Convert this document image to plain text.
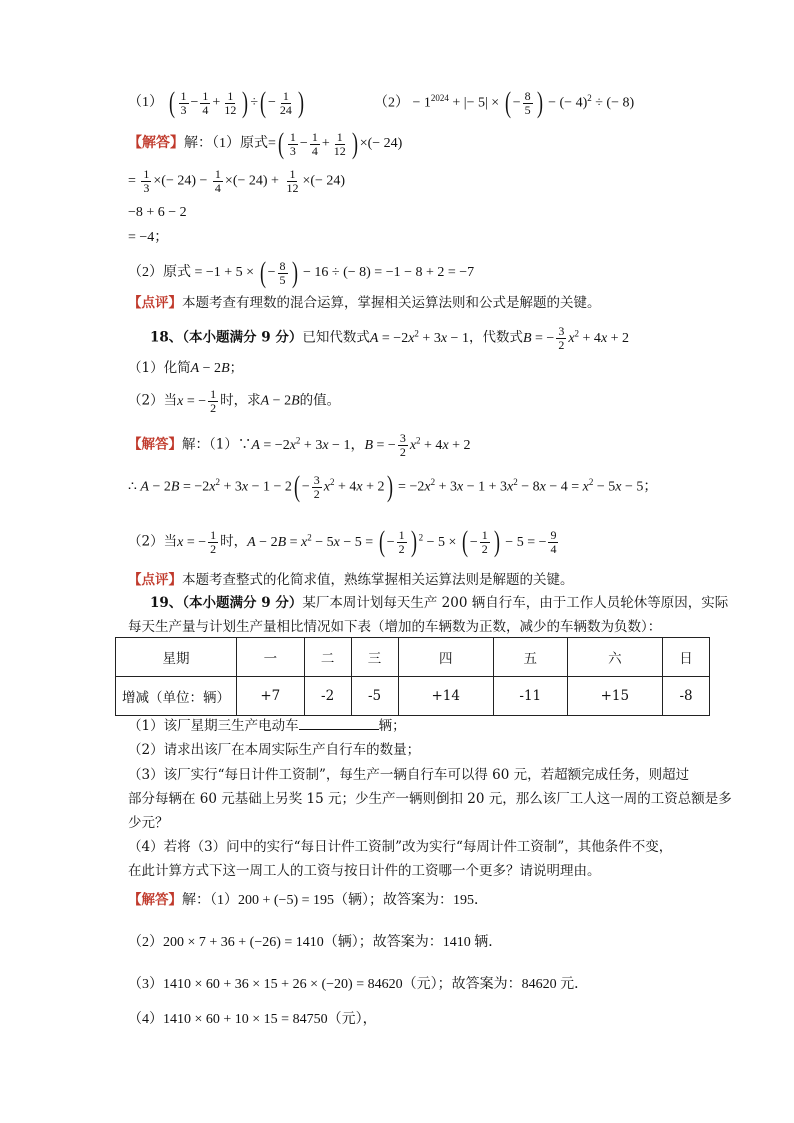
（1） ( $\frac{1}{3} - \frac{1}{4} + \frac{1}{12}$ ) ÷( − $\frac{1}{24}$ )	$(2) - 1^{2024}$ + |− 5| × ( − $\frac{8}{5}$ ) − (− 4)$^2$ ÷ (− 8)
【解答】解：（1）原式=( $\frac{1}{3} - \frac{1}{4} + \frac{1}{12}$ ) ×(− 24)
= $\frac{1}{3}$ ×(− $24) - \frac{1}{4}$ ×(− $24) + \frac{1}{12}$ ×(− 24)
−8 + 6 − 2
= −4；
（2）原式 = −1 + 5 × ( − $\frac{8}{5}$ ) − 16 ÷ (− 8) = −1 − 8 + 2 = −7
【点评】本题考查有理数的混合运算，掌握相关运算法则和公式是解题的关键。
18、（本小题满分 9 分）已知代数式$A = -2x^2 + 3x - 1$，代数式B = − $\frac{3}{2} x^2 + 4x + 2$
（1）化简A − 2B；
（2）当x = − $\frac{1}{2}$ 时，求A − 2B的值。
【解答】解：（1）∵A = $-2x^2 + 3x - 1$，B = − $\frac{3}{2} x^2 + 4x + 2$
∴ $A - 2B = -2x^2 + 3x - 1 - 2( - \frac{3}{2} x^2 + 4x + 2) = -2x^2 + 3x - 1 + 3x^2 - 8x - 4 = x^2 - 5x - 5$；
（2）当x = − $\frac{1}{2}$ 时，$A - 2B = x^2 - 5x - 5$ = ( − $\frac{1}{2}$ ) $^2$ − 5 × ( − $\frac{1}{2}$ ) − 5 = − $\frac{9}{4}$
【点评】本题考查整式的化简求值，熟练掌握相关运算法则是解题的关键。
19、（本小题满分 9 分）某厂本周计划每天生产 200 辆自行车，由于工作人员轮休等原因，实际
每天生产量与计划生产量相比情况如下表（增加的车辆数为正数，减少的车辆数为负数）：
星期	一	二	三	四	五	六	日
增减（单位：辆）	+7	-2	-5	+14	-11	+15	-8
（1）该厂星期三生产电动车	辆；
（2）请求出该厂在本周实际生产自行车的数量；
（3）该厂实行“每日计件工资制”，每生产一辆自行车可以得 60 元，若超额完成任务，则超过
部分每辆在 60 元基础上另奖 15 元；少生产一辆则倒扣 20 元，那么该厂工人这一周的工资总额是多
少元？
（4）若将（3）问中的实行“每日计件工资制”改为实行“每周计件工资制”，其他条件不变，
在此计算方式下这一周工人的工资与按日计件的工资哪一个更多？请说明理由。
【解答】解：（1）200 + (−5) = 195（辆）；故答案为：195．
（2）200 × 7 + 36 + (−26) = 1410（辆）；故答案为：1410 辆．
（3）1410 × 60 + 36 × 15 + 26 × (−20) = 84620（元）；故答案为：84620 元．
（4）1410 × 60 + 10 × 15 = 84750（元），
